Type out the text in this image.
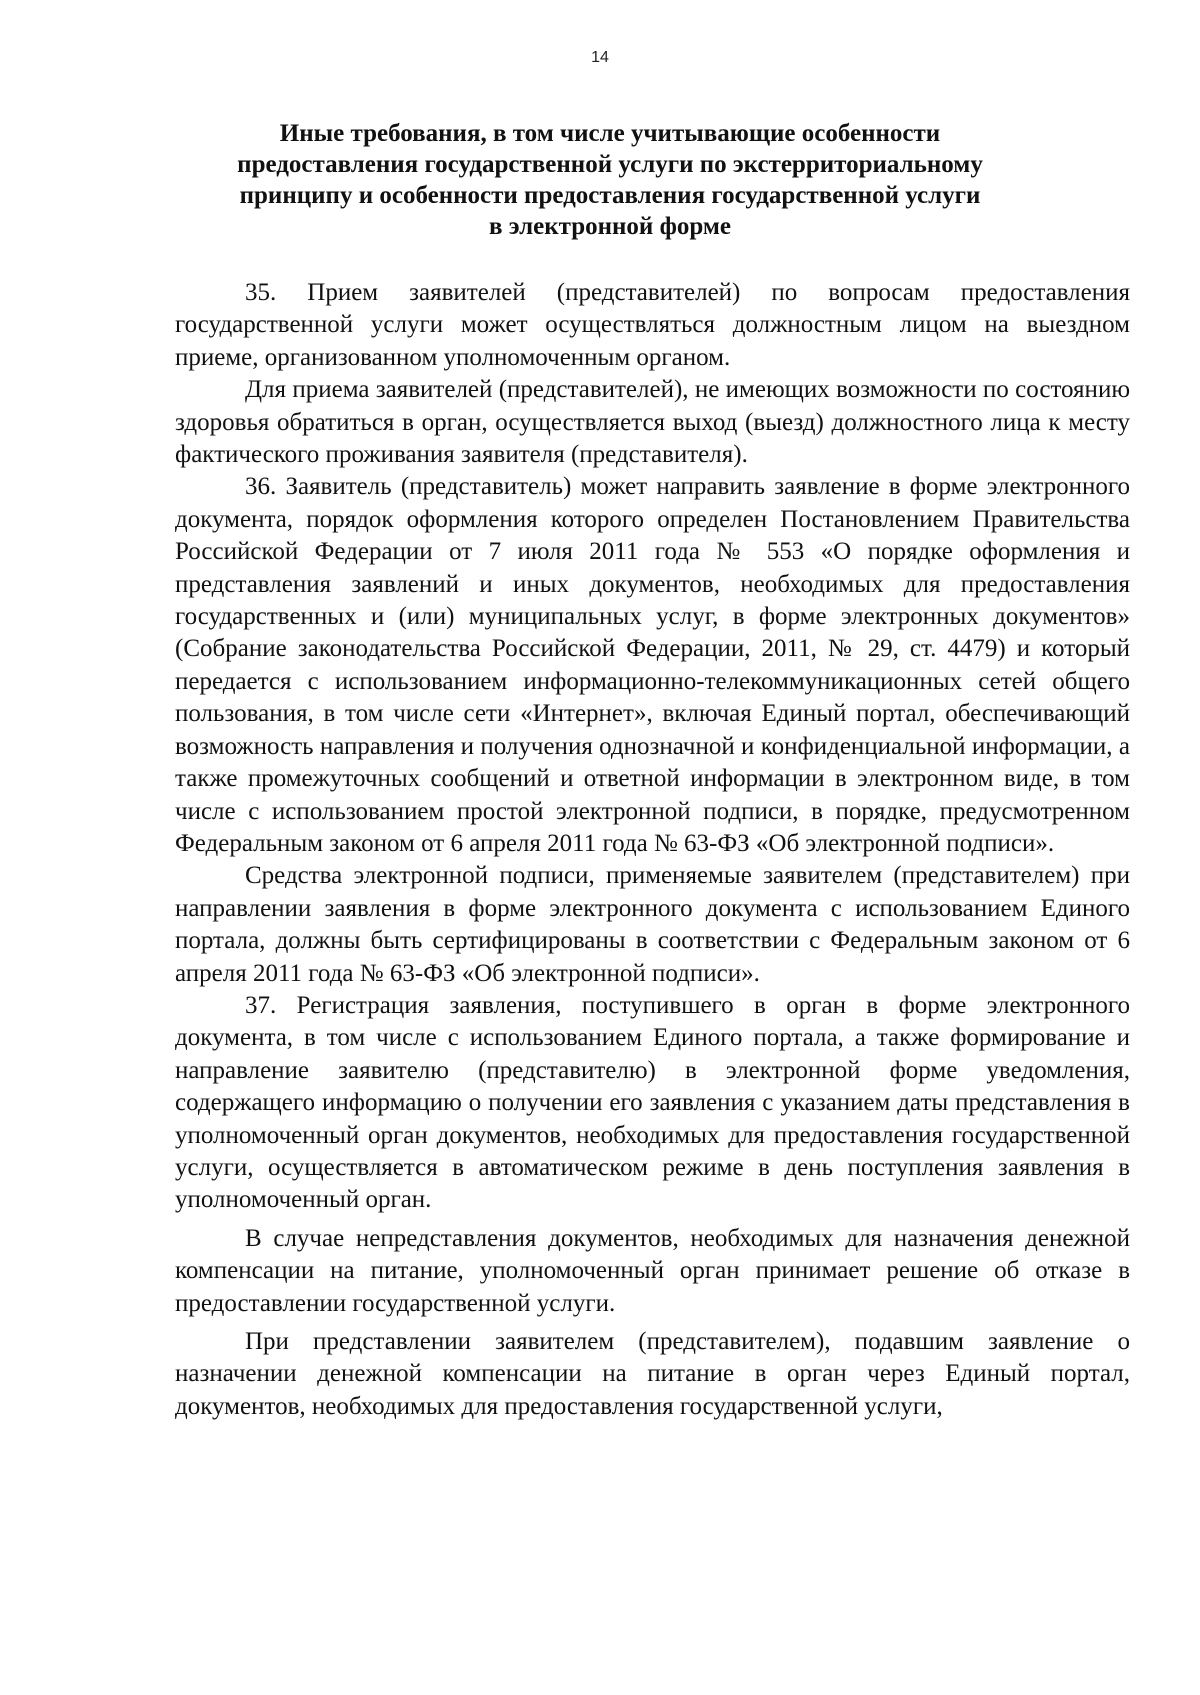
14
Иные требования, в том числе учитывающие особенности предоставления государственной услуги по экстерриториальному принципу и особенности предоставления государственной услуги в электронной форме

35. Прием заявителей (представителей) по вопросам предоставления государственной услуги может осуществляться должностным лицом на выездном приеме, организованном уполномоченным органом.

Для приема заявителей (представителей), не имеющих возможности по состоянию здоровья обратиться в орган, осуществляется выход (выезд) должностного лица к месту фактического проживания заявителя (представителя).

36. Заявитель (представитель) может направить заявление в форме электронного документа, порядок оформления которого определен Постановлением Правительства Российской Федерации от 7 июля 2011 года № 553 «О порядке оформления и представления заявлений и иных документов, необходимых для предоставления государственных и (или) муниципальных услуг, в форме электронных документов» (Собрание законодательства Российской Федерации, 2011, № 29, ст. 4479) и который передается с использованием информационно-телекоммуникационных сетей общего пользования, в том числе сети «Интернет», включая Единый портал, обеспечивающий возможность направления и получения однозначной и конфиденциальной информации, а также промежуточных сообщений и ответной информации в электронном виде, в том числе с использованием простой электронной подписи, в порядке, предусмотренном Федеральным законом от 6 апреля 2011 года № 63-ФЗ «Об электронной подписи».

Средства электронной подписи, применяемые заявителем (представителем) при направлении заявления в форме электронного документа с использованием Единого портала, должны быть сертифицированы в соответствии с Федеральным законом от 6 апреля 2011 года № 63-ФЗ «Об электронной подписи».

37. Регистрация заявления, поступившего в орган в форме электронного документа, в том числе с использованием Единого портала, а также формирование и направление заявителю (представителю) в электронной форме уведомления, содержащего информацию о получении его заявления с указанием даты представления в уполномоченный орган документов, необходимых для предоставления государственной услуги, осуществляется в автоматическом режиме в день поступления заявления в уполномоченный орган.

В случае непредставления документов, необходимых для назначения денежной компенсации на питание, уполномоченный орган принимает решение об отказе в предоставлении государственной услуги.

При представлении заявителем (представителем), подавшим заявление о назначении денежной компенсации на питание в орган через Единый портал, документов, необходимых для предоставления государственной услуги,
